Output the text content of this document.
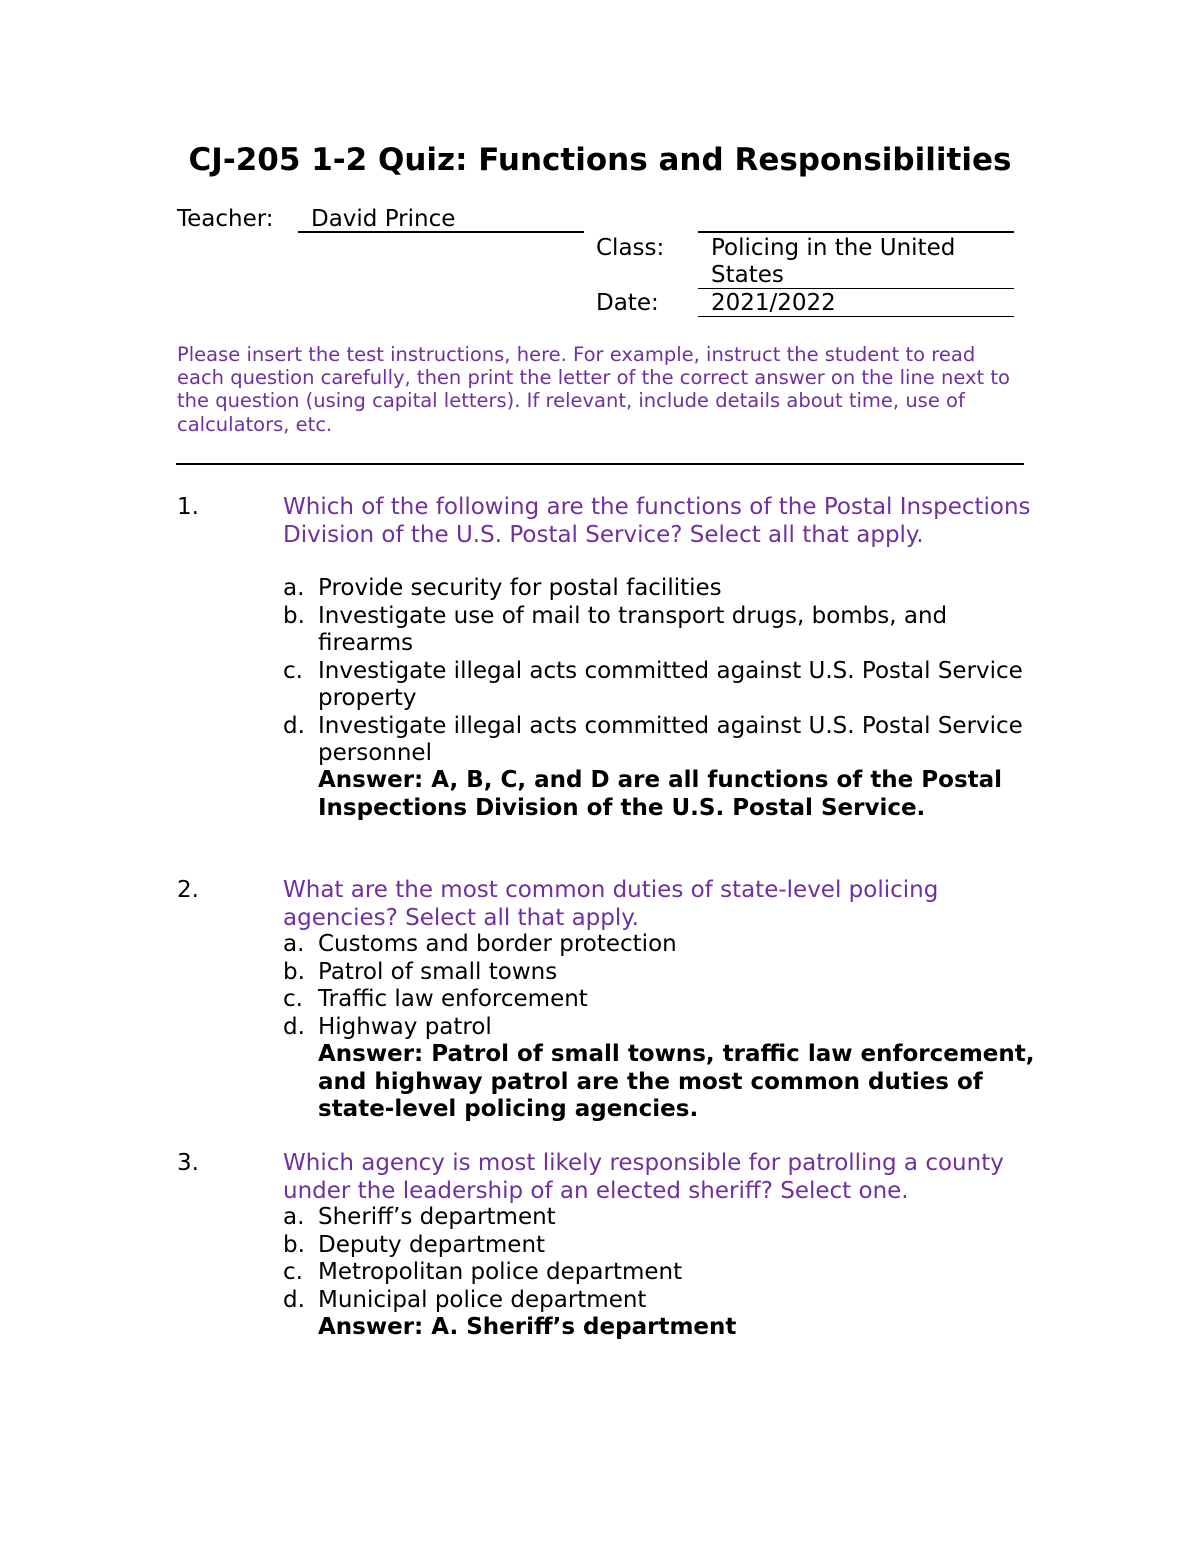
CJ-205 1-2 Quiz: Functions and Responsibilities
Teacher: David Prince
Class: Policing in the United States
Date: 2021/2022

Please insert the test instructions, here. For example, instruct the student to read each question carefully, then print the letter of the correct answer on the line next to the question (using capital letters). If relevant, include details about time, use of calculators, etc.

1.	Which of the following are the functions of the Postal Inspections Division of the U.S. Postal Service? Select all that apply.
a. Provide security for postal facilities
b. Investigate use of mail to transport drugs, bombs, and firearms
c. Investigate illegal acts committed against U.S. Postal Service property
d. Investigate illegal acts committed against U.S. Postal Service personnel
Answer: A, B, C, and D are all functions of the Postal Inspections Division of the U.S. Postal Service.
2.	What are the most common duties of state-level policing agencies? Select all that apply.
a. Customs and border protection
b. Patrol of small towns
c. Traffic law enforcement
d. Highway patrol
Answer: Patrol of small towns, traffic law enforcement, and highway patrol are the most common duties of state-level policing agencies.
3.	Which agency is most likely responsible for patrolling a county under the leadership of an elected sheriff? Select one.
a. Sheriff’s department
b. Deputy department
c. Metropolitan police department
d. Municipal police department
Answer: A. Sheriff’s department
